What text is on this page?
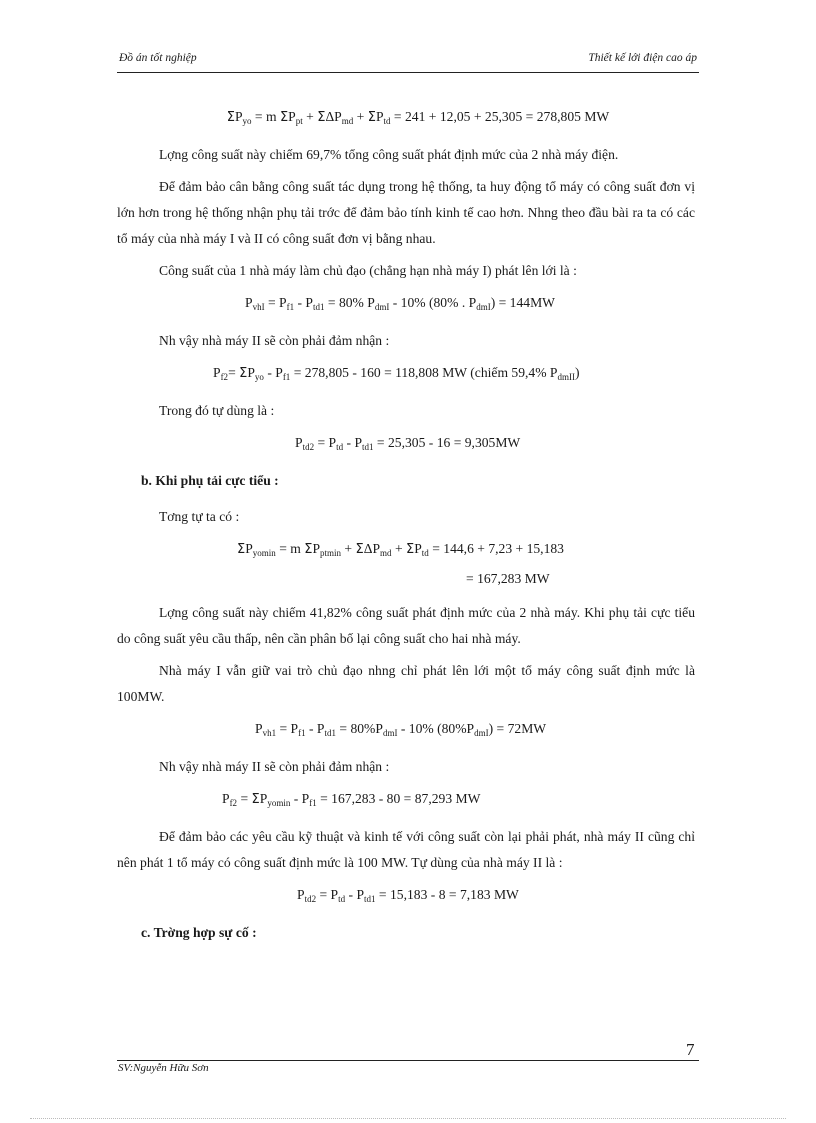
Đồ án tốt nghiệp	Thiết kế lới điện cao áp
$\Sigma P_{yo} = m$ $\Sigma P_{pt} + \Sigma\Delta P_{md} + \Sigma P_{td} = 241 + 12,05 + 25,305 = 278,805$ MW

Lợng công suất này chiếm 69,7% tổng công suất phát định mức của 2 nhà máy điện.

Để đảm bảo cân bằng công suất tác dụng trong hệ thống, ta huy động tổ máy có công suất đơn vị lớn hơn trong hệ thống nhận phụ tải trớc để đảm bảo tính kinh tế cao hơn. Nhng theo đầu bài ra ta có các tổ máy của nhà máy I và II có công suất đơn vị bằng nhau.

Công suất của 1 nhà máy làm chủ đạo (chẳng hạn nhà máy I) phát lên lới là :

$P_{vhI} = P_{f1} - P_{td1} = 80\%$ $P_{dmI} - 10\%$ (80% . $P_{dmI}) = 144MW$

Nh vậy nhà máy II sẽ còn phải đảm nhận :

$P_{f2}= \Sigma P_{yo} - P_{f1} = 278,805 - 160 = 118,808$ MW (chiếm 59,4% $P_{dmII}$)

Trong đó tự dùng là :

$P_{td2} = P_{td} - P_{td1} = 25,305 - 16 = 9,305MW$
b. Khi phụ tải cực tiểu :

Tơng tự ta có :

$\Sigma P_{yomin} = m$ $\Sigma P_{ptmin} + \Sigma\Delta P_{md} + \Sigma P_{td} = 144,6 + 7,23 + 15,183$
= 167,283 MW

Lợng công suất này chiếm 41,82% công suất phát định mức của 2 nhà máy. Khi phụ tải cực tiểu do công suất yêu cầu thấp, nên cần phân bố lại công suất cho hai nhà máy.

Nhà máy I vẫn giữ vai trò chủ đạo nhng chỉ phát lên lới một tổ máy công suất định mức là 100MW.

$P_{vh1} = P_{f1} - P_{td1} = 80\%P_{dmI} - 10\%$ $(80\%P_{dmI}) = 72MW$

Nh vậy nhà máy II sẽ còn phải đảm nhận :

$P_{f2} = \Sigma P_{yomin} - P_{f1} = 167,283 - 80 = 87,293$ MW

Để đảm bảo các yêu cầu kỹ thuật và kinh tế với công suất còn lại phải phát, nhà máy II cũng chỉ nên phát 1 tổ máy có công suất định mức là 100 MW. Tự dùng của nhà máy II là :

$P_{td2} = P_{td} - P_{td1} = 15,183 - 8 = 7,183$ MW
c. Trờng hợp sự cố :
7
SV:Nguyễn Hữu Sơn
